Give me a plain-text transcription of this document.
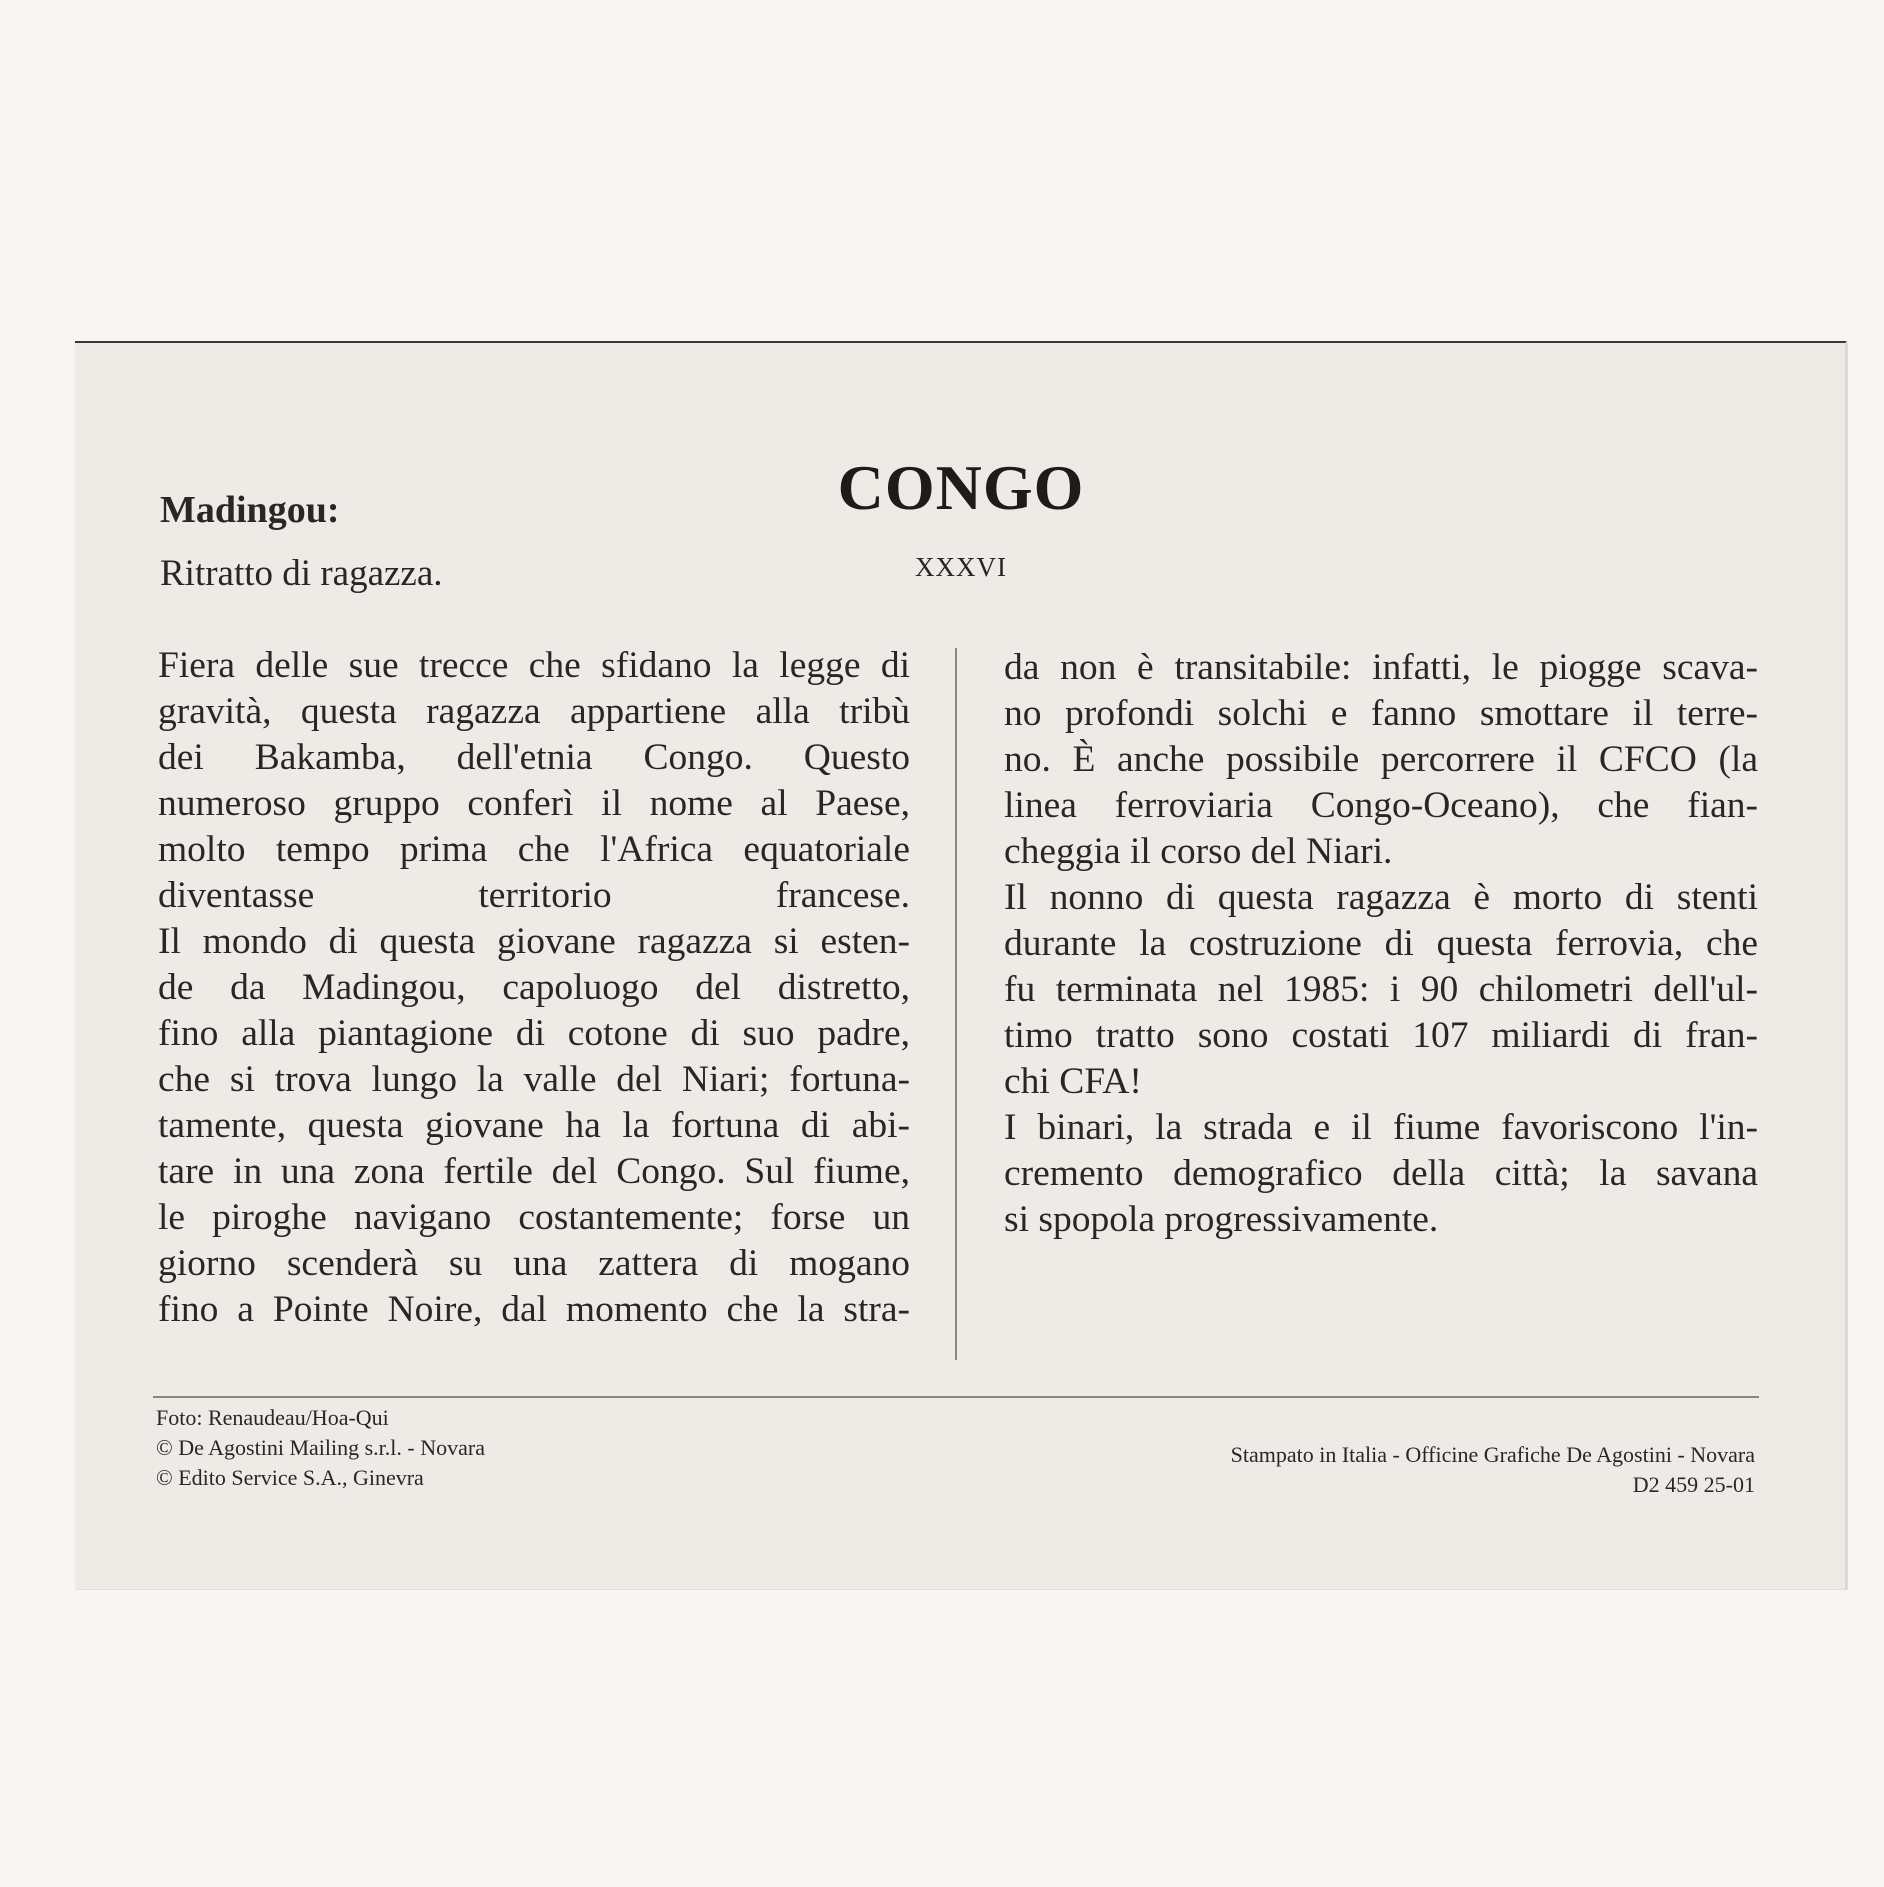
Madingou:
Ritratto di ragazza.
CONGO
XXXVI

Fiera delle sue trecce che sfidano la legge di
gravità, questa ragazza appartiene alla tribù
dei Bakamba, dell'etnia Congo. Questo
numeroso gruppo conferì il nome al Paese,
molto tempo prima che l'Africa equatoriale
diventasse territorio francese.

Il mondo di questa giovane ragazza si esten-
de da Madingou, capoluogo del distretto,
fino alla piantagione di cotone di suo padre,
che si trova lungo la valle del Niari; fortuna-
tamente, questa giovane ha la fortuna di abi-
tare in una zona fertile del Congo. Sul fiume,
le piroghe navigano costantemente; forse un
giorno scenderà su una zattera di mogano
fino a Pointe Noire, dal momento che la stra-

da non è transitabile: infatti, le piogge scava-
no profondi solchi e fanno smottare il terre-
no. È anche possibile percorrere il CFCO (la
linea ferroviaria Congo-Oceano), che fian-
cheggia il corso del Niari.

Il nonno di questa ragazza è morto di stenti
durante la costruzione di questa ferrovia, che
fu terminata nel 1985: i 90 chilometri dell'ul-
timo tratto sono costati 107 miliardi di fran-
chi CFA!

I binari, la strada e il fiume favoriscono l'in-
cremento demografico della città; la savana
si spopola progressivamente.

Foto: Renaudeau/Hoa-Qui
© De Agostini Mailing s.r.l. - Novara
© Edito Service S.A., Ginevra
Stampato in Italia - Officine Grafiche De Agostini - Novara
D2 459 25-01
